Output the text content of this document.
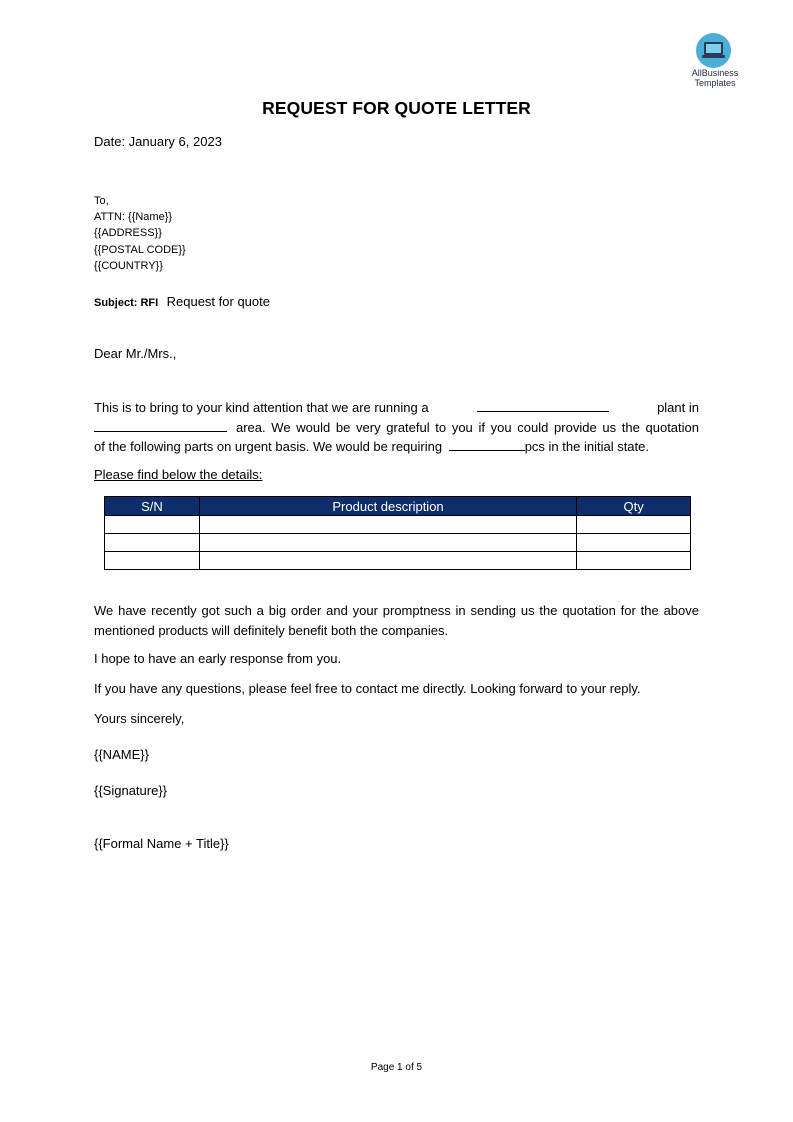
AllBusiness
Templates
REQUEST FOR QUOTE LETTER
Date: January 6, 2023
To,
ATTN: {{Name}}
{{ADDRESS}}
{{POSTAL CODE}}
{{COUNTRY}}
Subject: RFI Request for quote
Dear Mr./Mrs.,
This is to bring to your kind attention that we are running a	plant in
area. We would be very grateful to you if you could provide us the quotation
of the following parts on urgent basis. We would be requiring	pcs in the initial state.
Please find below the details:
S/N	Product description	Qty

We have recently got such a big order and your promptness in sending us the quotation for the above mentioned products will definitely benefit both the companies.
I hope to have an early response from you.
If you have any questions, please feel free to contact me directly. Looking forward to your reply.
Yours sincerely,
{{NAME}}
{{Signature}}
{{Formal Name + Title}}
Page 1 of 5
